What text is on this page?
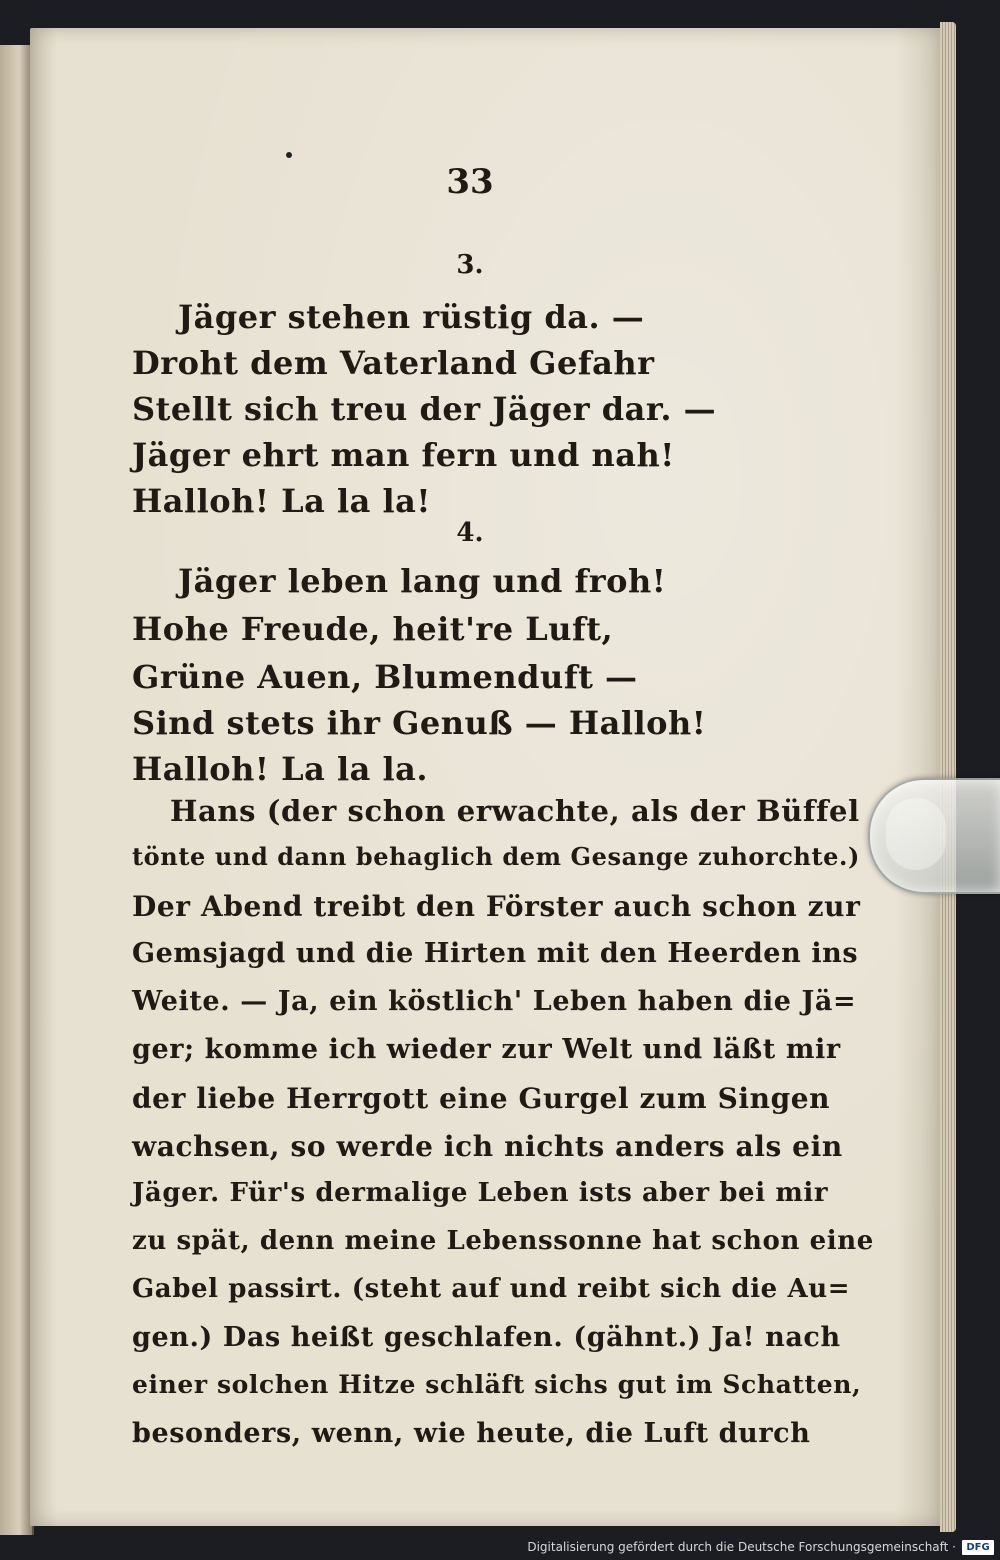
33
3.
Jäger stehen rüstig da. —
Droht dem Vaterland Gefahr
Stellt sich treu der Jäger dar. —
Jäger ehrt man fern und nah!
Halloh! La la la!
4.
Jäger leben lang und froh!
Hohe Freude, heit're Luft,
Grüne Auen, Blumenduft —
Sind stets ihr Genuß — Halloh!
Halloh! La la la.
Hans (der schon erwachte, als der Büffel
tönte und dann behaglich dem Gesange zuhorchte.)
Der Abend treibt den Förster auch schon zur
Gemsjagd und die Hirten mit den Heerden ins
Weite. — Ja, ein köstlich' Leben haben die Jä=
ger; komme ich wieder zur Welt und läßt mir
der liebe Herrgott eine Gurgel zum Singen
wachsen, so werde ich nichts anders als ein
Jäger. Für's dermalige Leben ists aber bei mir
zu spät, denn meine Lebenssonne hat schon eine
Gabel passirt. (steht auf und reibt sich die Au=
gen.) Das heißt geschlafen. (gähnt.) Ja! nach
einer solchen Hitze schläft sichs gut im Schatten,
besonders, wenn, wie heute, die Luft durch
Digitalisierung gefördert durch die Deutsche Forschungsgemeinschaft ·	DFG
